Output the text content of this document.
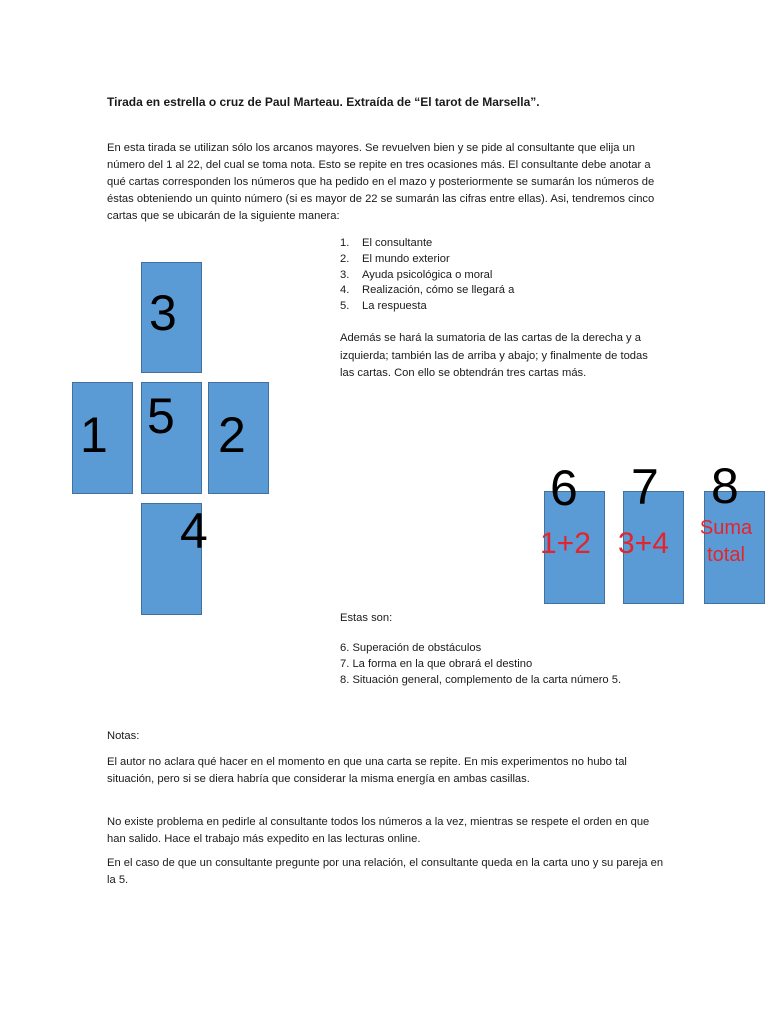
Tirada en estrella o cruz de Paul Marteau. Extraída de “El tarot de Marsella”.
En esta tirada se utilizan sólo los arcanos mayores. Se revuelven bien y se pide al consultante que elija un número del 1 al 22, del cual se toma nota. Esto se repite en tres ocasiones más. El consultante debe anotar a qué cartas corresponden los números que ha pedido en el mazo y posteriormente se sumarán los números de éstas obteniendo un quinto número (si es mayor de 22 se sumarán las cifras entre ellas). Asi, tendremos cinco cartas que se ubicarán de la siguiente manera:
1.	El consultante
2.	El mundo exterior
3.	Ayuda psicológica o moral
4.	Realización, cómo se llegará a
5.	La respuesta
Además se hará la sumatoria de las cartas de la derecha y a izquierda; también las de arriba y abajo; y finalmente de todas las cartas. Con ello se obtendrán tres cartas más.
3
1 5 2
4
6
1+2
7
3+4
8
Suma
total
Estas son:
6. Superación de obstáculos
7. La forma en la que obrará el destino
8. Situación general, complemento de la carta número 5.
Notas:
El autor no aclara qué hacer en el momento en que una carta se repite. En mis experimentos no hubo tal situación, pero si se diera habría que considerar la misma energía en ambas casillas.
No existe problema en pedirle al consultante todos los números a la vez, mientras se respete el orden en que han salido. Hace el trabajo más expedito en las lecturas online.
En el caso de que un consultante pregunte por una relación, el consultante queda en la carta uno y su pareja en la 5.
